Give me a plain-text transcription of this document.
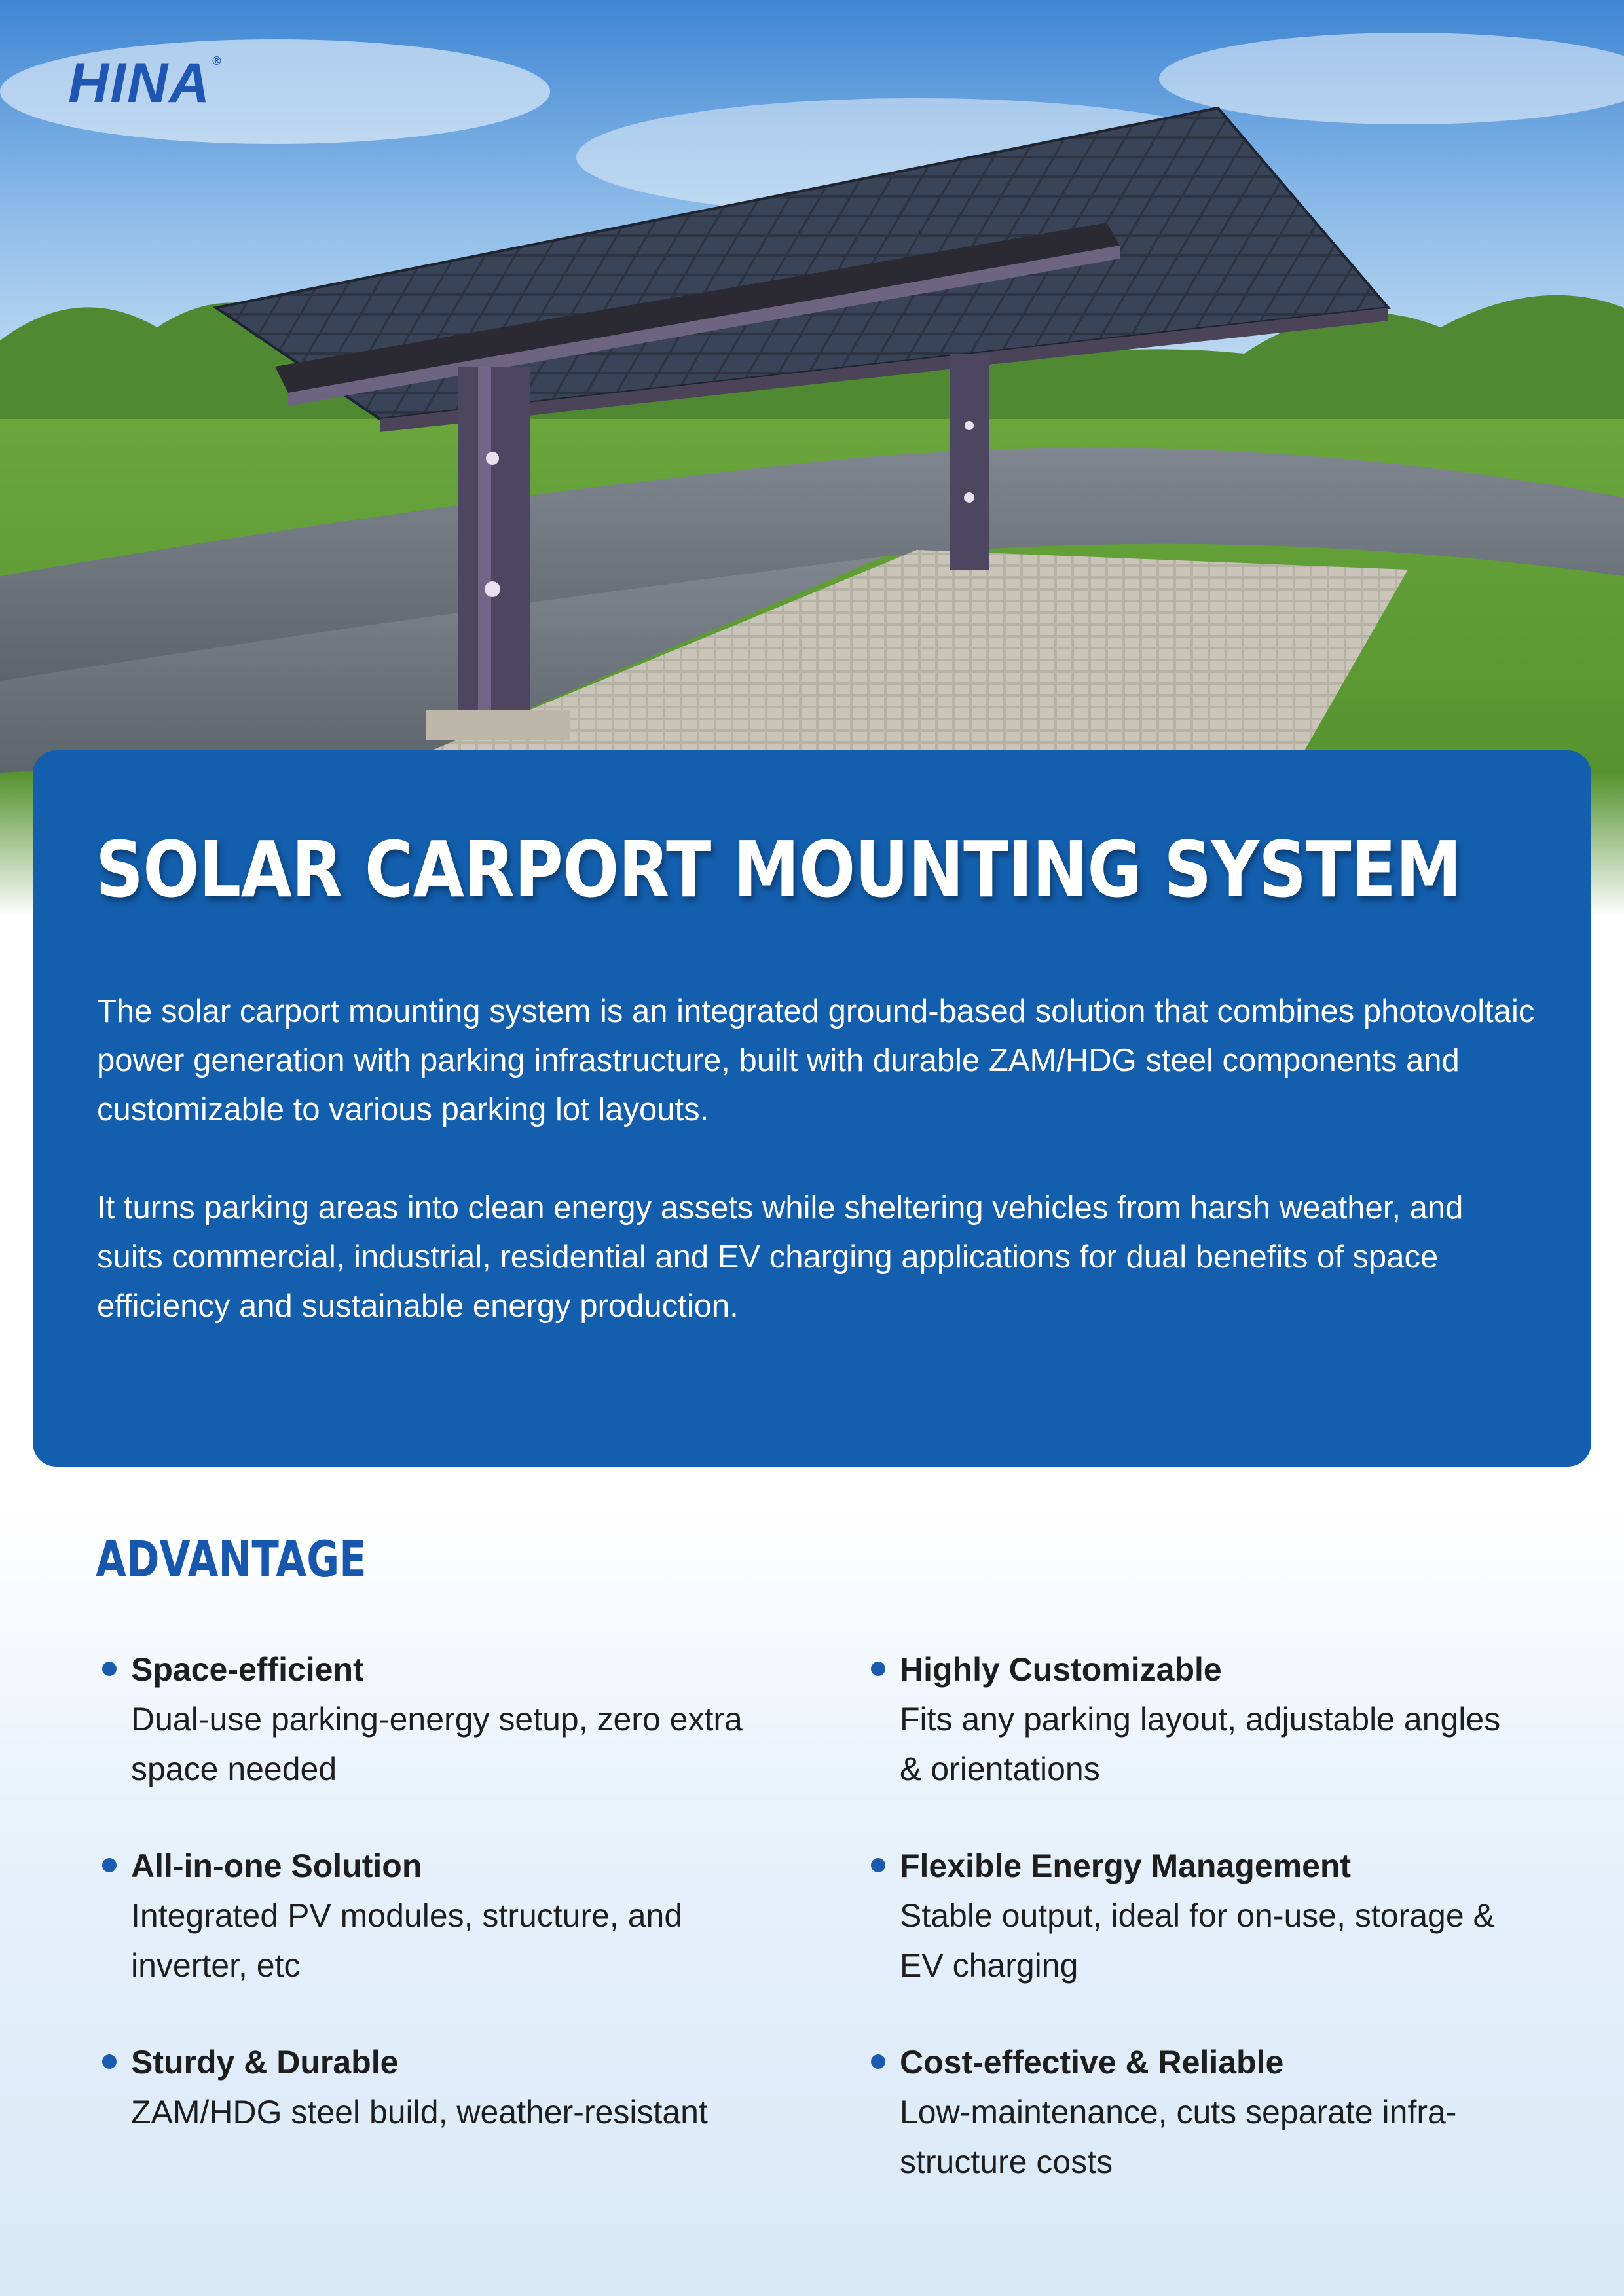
HINA ®
SOLAR CARPORT MOUNTING SYSTEM

The solar carport mounting system is an integrated ground-based solution that combines photovoltaic power generation with parking infrastructure, built with durable ZAM/HDG steel components and customizable to various parking lot layouts.

It turns parking areas into clean energy assets while sheltering vehicles from harsh weather, and suits commercial, industrial, residential and EV charging applications for dual benefits of space efficiency and sustainable energy production.

ADVANTAGE
Space-efficient
Dual-use parking-energy setup, zero extra space needed
Highly Customizable
Fits any parking layout, adjustable angles & orientations
All-in-one Solution
Integrated PV modules, structure, and inverter, etc
Flexible Energy Management
Stable output, ideal for on-use, storage & EV charging
Sturdy & Durable
ZAM/HDG steel build, weather-resistant
Cost-effective & Reliable
Low-maintenance, cuts separate infra-structure costs
